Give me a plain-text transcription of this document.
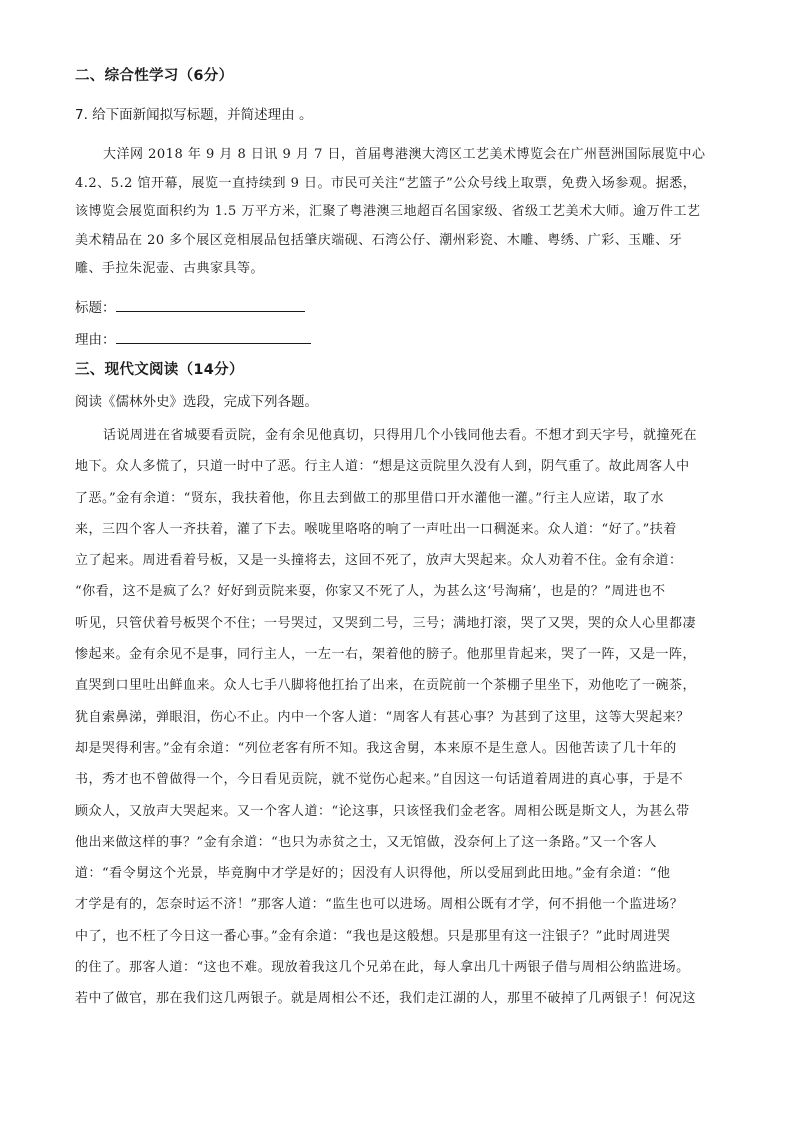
二、综合性学习（6分）
7. 给下面新闻拟写标题，并简述理由 。

大洋网 2018 年 9 月 8 日讯 9 月 7 日，首届粤港澳大湾区工艺美术博览会在广州琶洲国际展览中心

4.2、5.2 馆开幕，展览一直持续到 9 日。市民可关注“艺篮子”公众号线上取票，免费入场参观。据悉，

该博览会展览面积约为 1.5 万平方米，汇聚了粤港澳三地超百名国家级、省级工艺美术大师。逾万件工艺

美术精品在 20 多个展区竞相展品包括肇庆端砚、石湾公仔、潮州彩瓷、木雕、粤绣、广彩、玉雕、牙

雕、手拉朱泥壶、古典家具等。

标题：
理由：
三、现代文阅读（14分）
阅读《儒林外史》选段，完成下列各题。

话说周进在省城要看贡院，金有余见他真切，只得用几个小钱同他去看。不想才到天字号，就撞死在

地下。众人多慌了，只道一时中了恶。行主人道：“想是这贡院里久没有人到，阴气重了。故此周客人中

了恶。”金有余道：“贤东，我扶着他，你且去到做工的那里借口开水灌他一灌。”行主人应诺，取了水

来，三四个客人一齐扶着，灌了下去。喉咙里咯咯的响了一声吐出一口稠涎来。众人道：“好了。”扶着

立了起来。周进看着号板，又是一头撞将去，这回不死了，放声大哭起来。众人劝着不住。金有余道：

“你看，这不是疯了么？好好到贡院来耍，你家又不死了人，为甚么这‘号淘痛’，也是的？”周进也不

听见，只管伏着号板哭个不住；一号哭过，又哭到二号，三号；满地打滚，哭了又哭，哭的众人心里都凄

惨起来。金有余见不是事，同行主人，一左一右，架着他的膀子。他那里肯起来，哭了一阵，又是一阵，

直哭到口里吐出鲜血来。众人七手八脚将他扛抬了出来，在贡院前一个茶棚子里坐下，劝他吃了一碗茶，

犹自索鼻涕，弹眼泪，伤心不止。内中一个客人道：“周客人有甚心事？为甚到了这里，这等大哭起来？

却是哭得利害。”金有余道：“列位老客有所不知。我这舍舅，本来原不是生意人。因他苦读了几十年的

书，秀才也不曾做得一个，今日看见贡院，就不觉伤心起来。”自因这一句话道着周进的真心事，于是不

顾众人，又放声大哭起来。又一个客人道：“论这事，只该怪我们金老客。周相公既是斯文人，为甚么带

他出来做这样的事？”金有余道：“也只为赤贫之士，又无馆做，没奈何上了这一条路。”又一个客人

道：“看令舅这个光景，毕竟胸中才学是好的；因没有人识得他，所以受屈到此田地。”金有余道：“他

才学是有的，怎奈时运不济！”那客人道：“监生也可以进场。周相公既有才学，何不捐他一个监进场？

中了，也不枉了今日这一番心事。”金有余道：“我也是这般想。只是那里有这一注银子？”此时周进哭

的住了。那客人道：“这也不难。现放着我这几个兄弟在此，每人拿出几十两银子借与周相公纳监进场。

若中了做官，那在我们这几两银子。就是周相公不还，我们走江湖的人，那里不破掉了几两银子！何况这
